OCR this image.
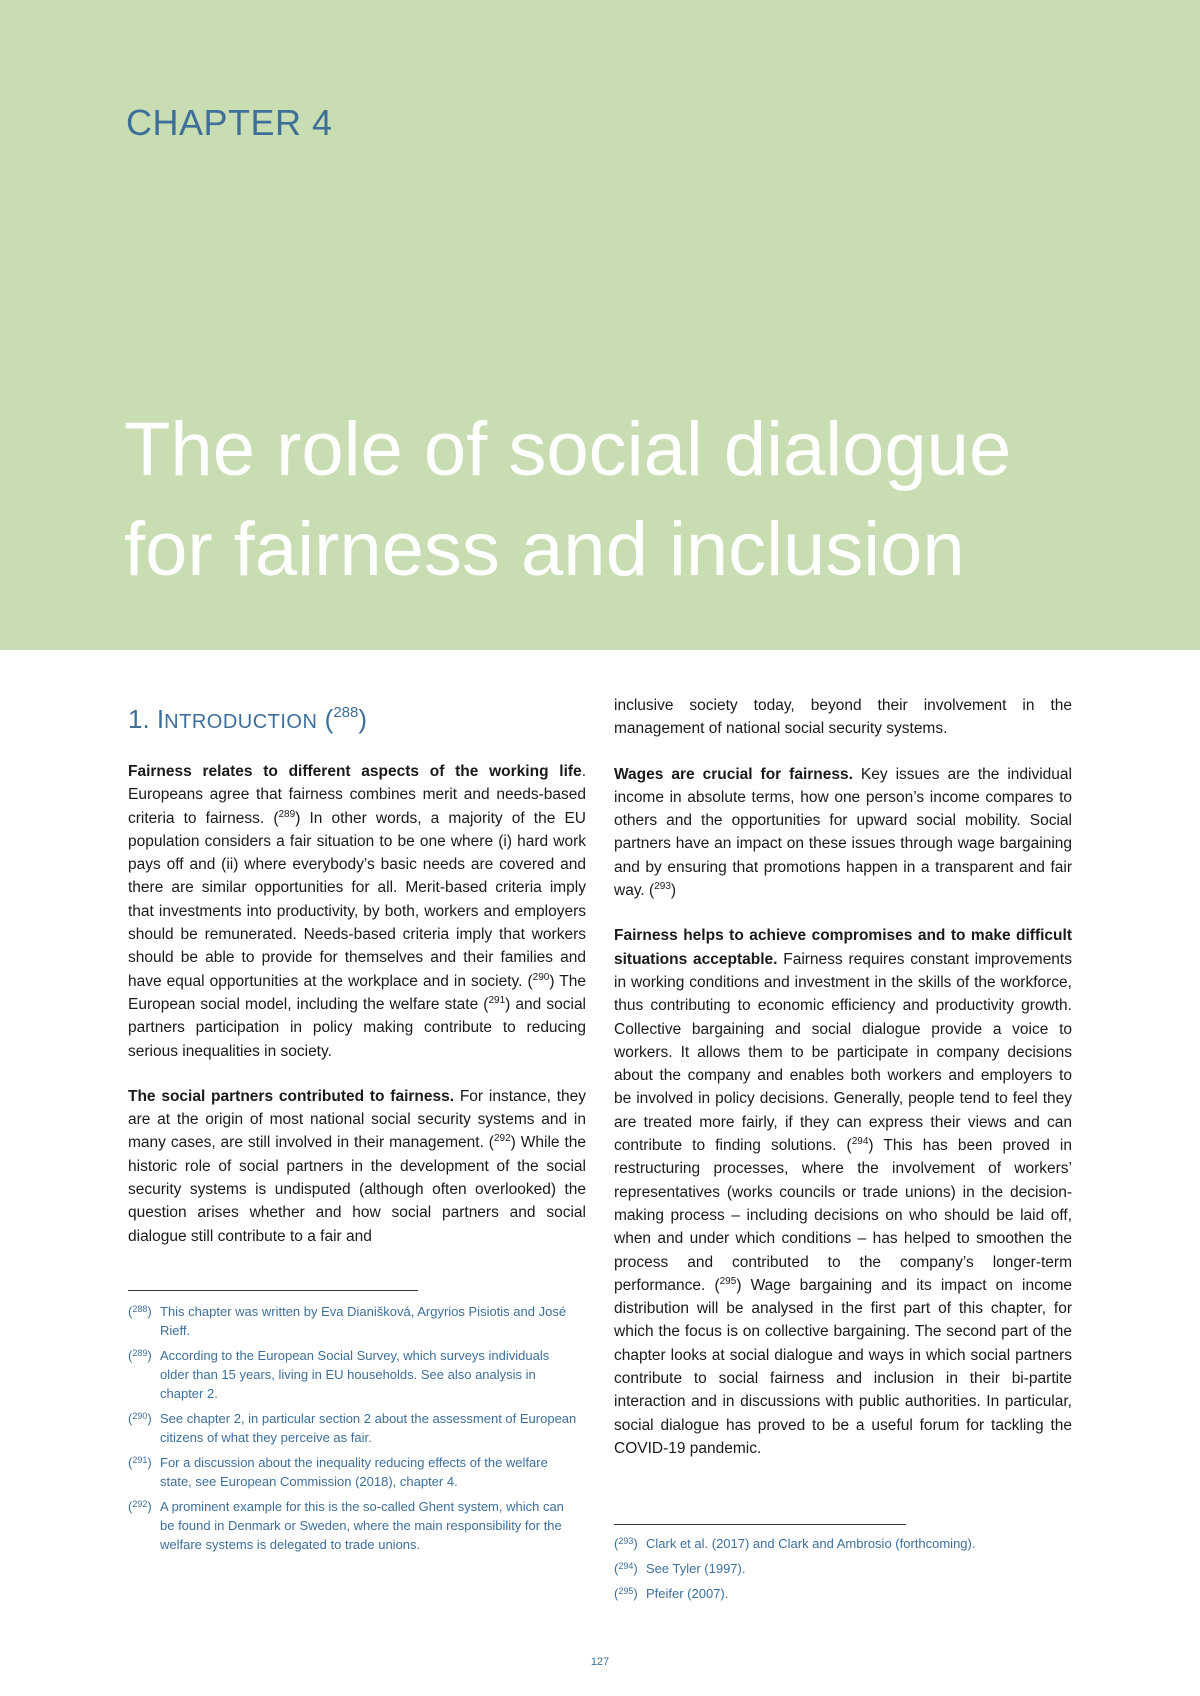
CHAPTER 4
The role of social dialogue
for fairness and inclusion
1. INTRODUCTION ($^{288}$)

Fairness relates to different aspects of the working life. Europeans agree that fairness combines merit and needs-based criteria to fairness. ($^{289}$) In other words, a majority of the EU population considers a fair situation to be one where (i) hard work pays off and (ii) where everybody’s basic needs are covered and there are similar opportunities for all. Merit-based criteria imply that investments into productivity, by both, workers and employers should be remunerated. Needs-based criteria imply that workers should be able to provide for themselves and their families and have equal opportunities at the workplace and in society. ($^{290}$) The European social model, including the welfare state ($^{291}$) and social partners participation in policy making contribute to reducing serious inequalities in society.

The social partners contributed to fairness. For instance, they are at the origin of most national social security systems and in many cases, are still involved in their management. ($^{292}$) While the historic role of social partners in the development of the social security systems is undisputed (although often overlooked) the question arises whether and how social partners and social dialogue still contribute to a fair and

($^{288}$) This chapter was written by Eva Dianišková, Argyrios Pisiotis and José Rieff.
($^{289}$) According to the European Social Survey, which surveys individuals older than 15 years, living in EU households. See also analysis in chapter 2.
($^{290}$) See chapter 2, in particular section 2 about the assessment of European citizens of what they perceive as fair.
($^{291}$) For a discussion about the inequality reducing effects of the welfare state, see European Commission (2018), chapter 4.
($^{292}$) A prominent example for this is the so-called Ghent system, which can be found in Denmark or Sweden, where the main responsibility for the welfare systems is delegated to trade unions.

inclusive society today, beyond their involvement in the management of national social security systems.

Wages are crucial for fairness. Key issues are the individual income in absolute terms, how one person’s income compares to others and the opportunities for upward social mobility. Social partners have an impact on these issues through wage bargaining and by ensuring that promotions happen in a transparent and fair way. ($^{293}$)

Fairness helps to achieve compromises and to make difficult situations acceptable. Fairness requires constant improvements in working conditions and investment in the skills of the workforce, thus contributing to economic efficiency and productivity growth. Collective bargaining and social dialogue provide a voice to workers. It allows them to be participate in company decisions about the company and enables both workers and employers to be involved in policy decisions. Generally, people tend to feel they are treated more fairly, if they can express their views and can contribute to finding solutions. ($^{294}$) This has been proved in restructuring processes, where the involvement of workers’ representatives (works councils or trade unions) in the decision-making process – including decisions on who should be laid off, when and under which conditions – has helped to smoothen the process and contributed to the company’s longer-term performance. ($^{295}$) Wage bargaining and its impact on income distribution will be analysed in the first part of this chapter, for which the focus is on collective bargaining. The second part of the chapter looks at social dialogue and ways in which social partners contribute to social fairness and inclusion in their bi-partite interaction and in discussions with public authorities. In particular, social dialogue has proved to be a useful forum for tackling the COVID-19 pandemic.

($^{293}$) Clark et al. (2017) and Clark and Ambrosio (forthcoming).
($^{294}$) See Tyler (1997).
($^{295}$) Pfeifer (2007).
127
